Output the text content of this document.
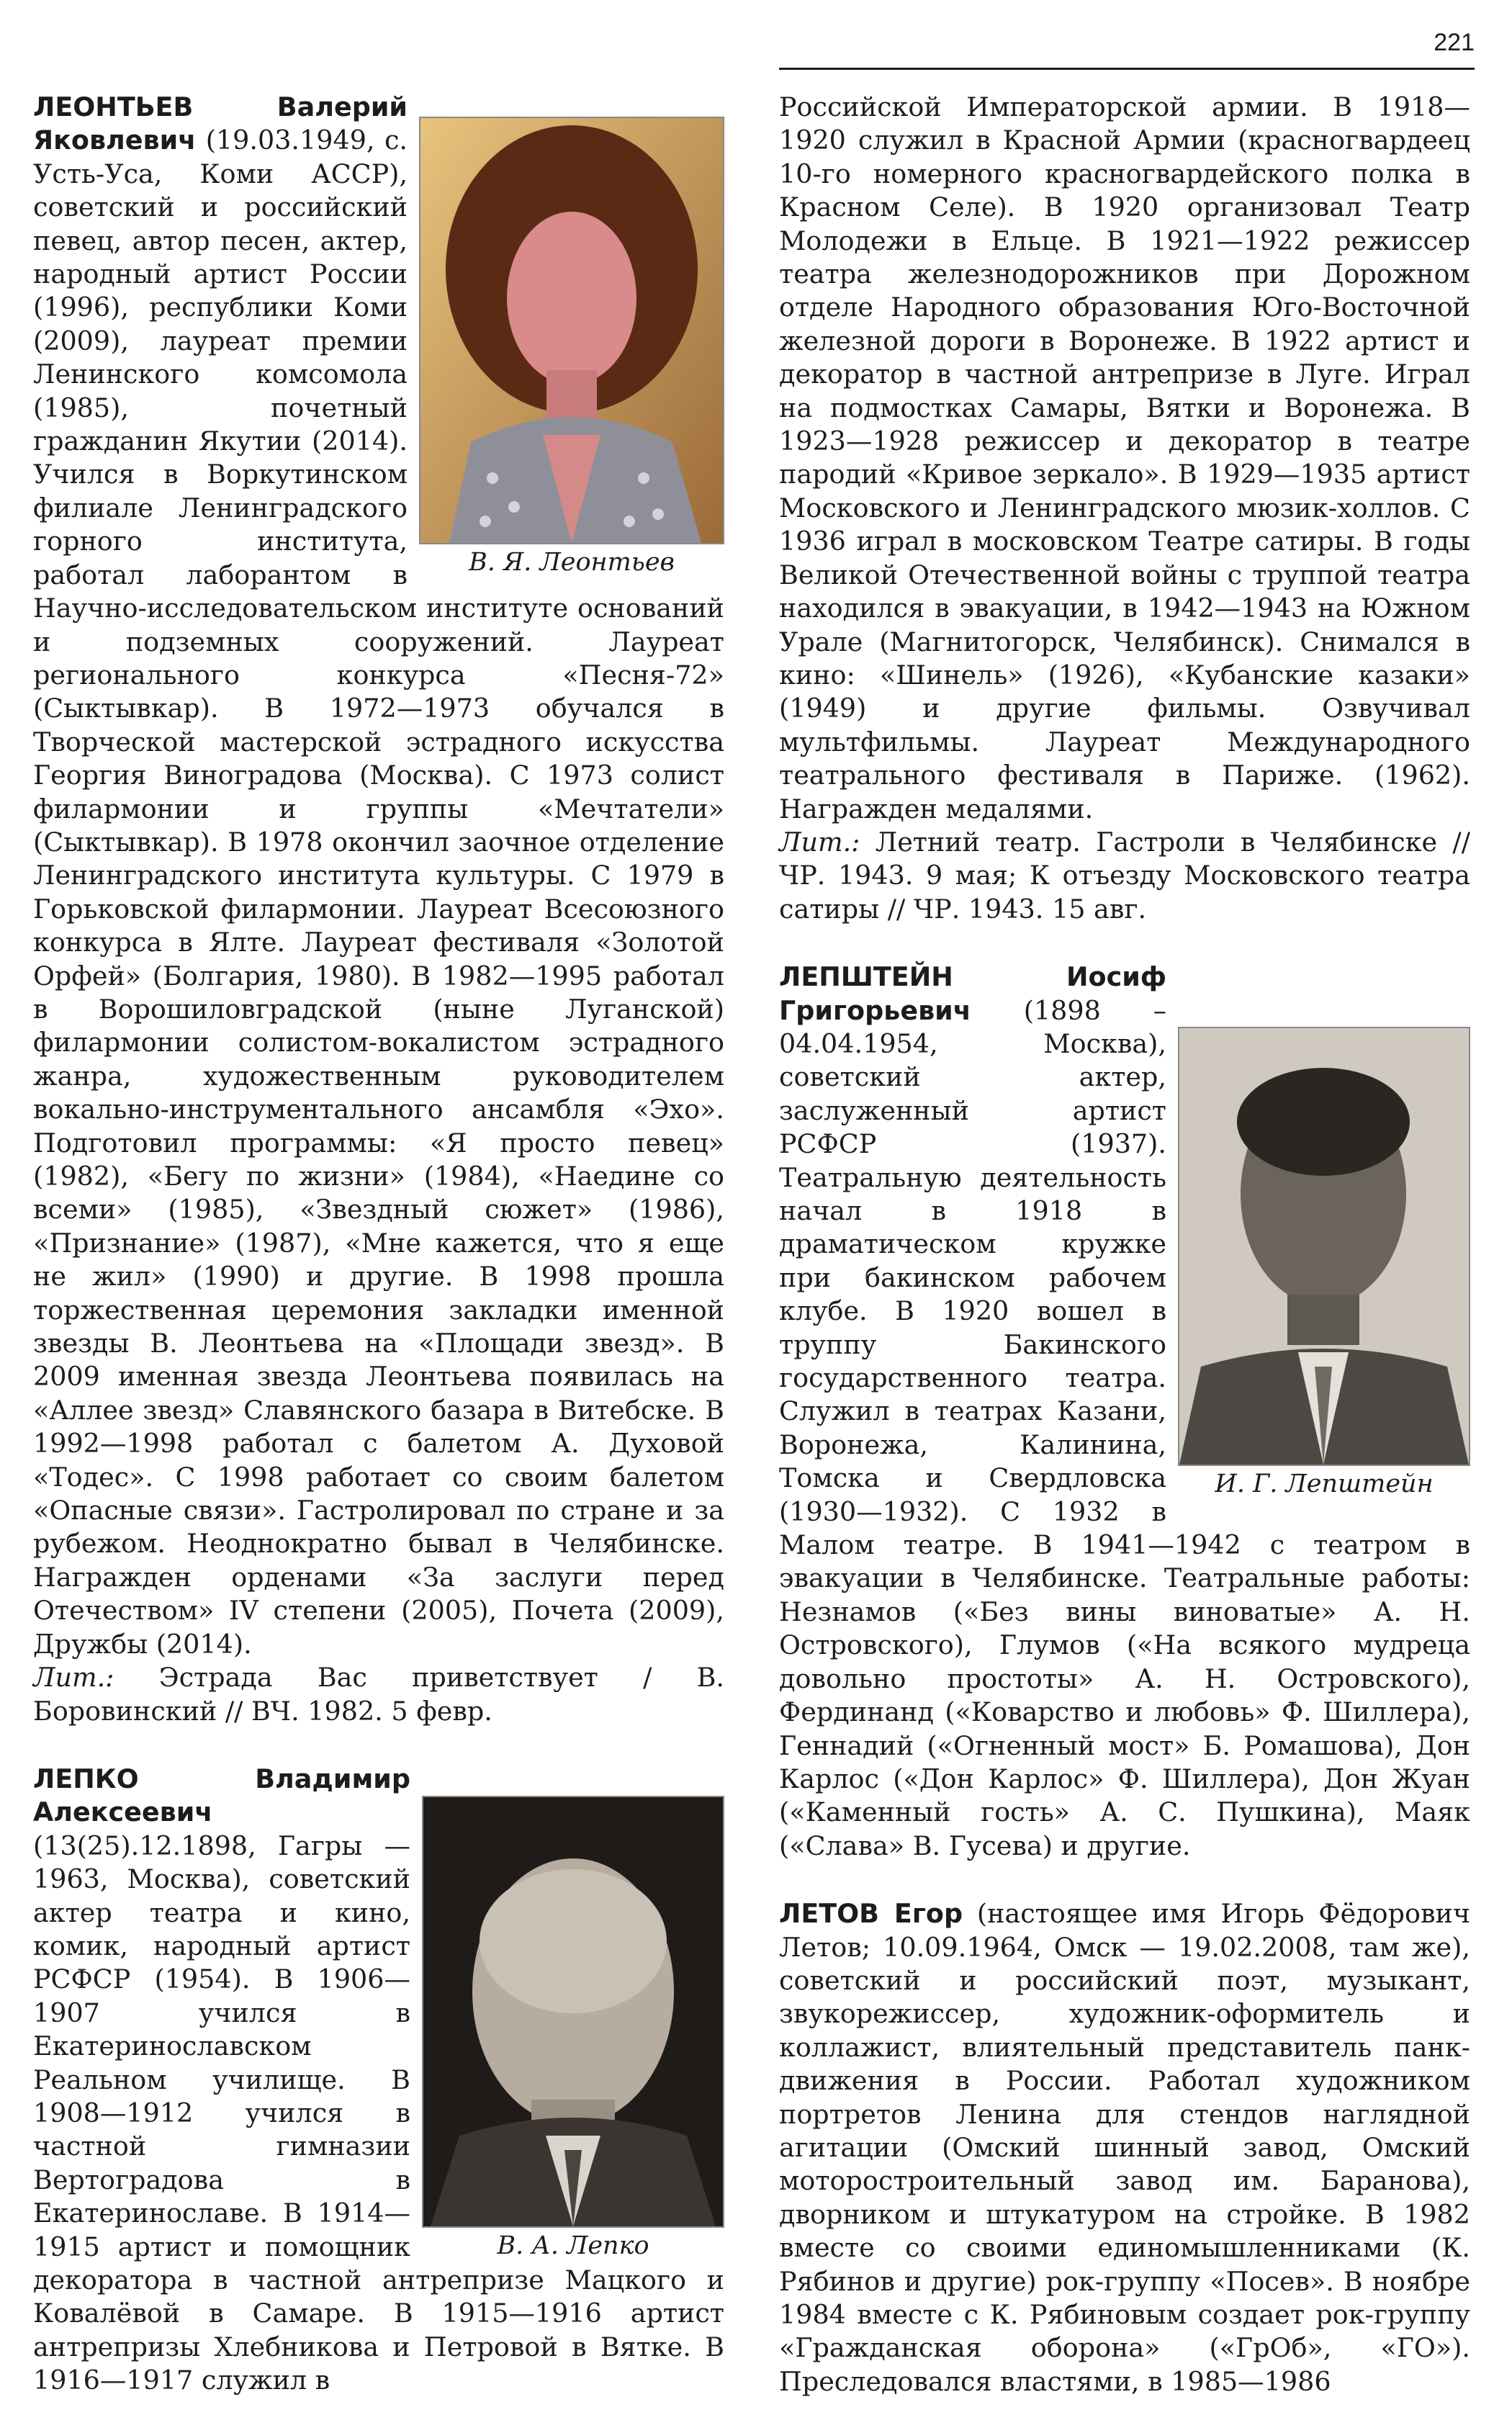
221
В. Я. Леонтьев

ЛЕОНТЬЕВ Валерий Яковлевич (19.03.1949, с. Усть-Уса, Коми АССР), советский и российский певец, автор песен, актер, народный артист России (1996), республики Коми (2009), лауреат премии Ленинского комсомола (1985), почетный гражданин Якутии (2014). Учился в Воркутинском филиале Ленинградского горного института, работал лаборантом в Научно-исследовательском институте оснований и подземных сооружений. Лауреат регионального конкурса «Песня-72» (Сыктывкар). В 1972—1973 обучался в Творческой мастерской эстрадного искусства Георгия Виноградова (Москва). С 1973 солист филармонии и группы «Мечтатели» (Сыктывкар). В 1978 окончил заочное отделение Ленинградского института культуры. С 1979 в Горьковской филармонии. Лауреат Всесоюзного конкурса в Ялте. Лауреат фестиваля «Золотой Орфей» (Болгария, 1980). В 1982—1995 работал в Ворошиловградской (ныне Луганской) филармонии солистом-вокалистом эстрадного жанра, художественным руководителем вокально-инструментального ансамбля «Эхо». Подготовил программы: «Я просто певец» (1982), «Бегу по жизни» (1984), «Наедине со всеми» (1985), «Звездный сюжет» (1986), «Признание» (1987), «Мне кажется, что я еще не жил» (1990) и другие. В 1998 прошла торжественная церемония закладки именной звезды В. Леонтьева на «Площади звезд». В 2009 именная звезда Леонтьева появилась на «Аллее звезд» Славянского базара в Витебске. В 1992—1998 работал с балетом А. Духовой «Тодес». С 1998 работает со своим балетом «Опасные связи». Гастролировал по стране и за рубежом. Неоднократно бывал в Челябинске. Награжден орденами «За заслуги перед Отечеством» IV степени (2005), Почета (2009), Дружбы (2014).

Лит.: Эстрада Вас приветствует / В. Боровинский // ВЧ. 1982. 5 февр.

В. А. Лепко

ЛЕПКО Владимир Алексеевич (13(25).12.1898, Гагры — 1963, Москва), советский актер театра и кино, комик, народный артист РСФСР (1954). В 1906—1907 учился в Екатеринославском Реальном училище. В 1908—1912 учился в частной гимназии Вертоградова в Екатеринославе. В 1914—1915 артист и помощник декоратора в частной антрепризе Мацкого и Ковалёвой в Самаре. В 1915—1916 артист антрепризы Хлебникова и Петровой в Вятке. В 1916—1917 служил в

Российской Императорской армии. В 1918—1920 служил в Красной Армии (красногвардеец 10-го номерного красногвардейского полка в Красном Селе). В 1920 организовал Театр Молодежи в Ельце. В 1921—1922 режиссер театра железнодорожников при Дорожном отделе Народного образования Юго-Восточной железной дороги в Воронеже. В 1922 артист и декоратор в частной антрепризе в Луге. Играл на подмостках Самары, Вятки и Воронежа. В 1923—1928 режиссер и декоратор в театре пародий «Кривое зеркало». В 1929—1935 артист Московского и Ленинградского мюзик-холлов. С 1936 играл в московском Театре сатиры. В годы Великой Отечественной войны с труппой театра находился в эвакуации, в 1942—1943 на Южном Урале (Магнитогорск, Челябинск). Снимался в кино: «Шинель» (1926), «Кубанские казаки» (1949) и другие фильмы. Озвучивал мультфильмы. Лауреат Международного театрального фестиваля в Париже. (1962). Награжден медалями.

Лит.: Летний театр. Гастроли в Челябинске // ЧР. 1943. 9 мая; К отъезду Московского театра сатиры // ЧР. 1943. 15 авг.

И. Г. Лепштейн

ЛЕПШТЕЙН Иосиф Григорьевич (1898 – 04.04.1954, Москва), советский актер, заслуженный артист РСФСР (1937). Театральную деятельность начал в 1918 в драматическом кружке при бакинском рабочем клубе. В 1920 вошел в труппу Бакинского государственного театра. Служил в театрах Казани, Воронежа, Калинина, Томска и Свердловска (1930—1932). С 1932 в Малом театре. В 1941—1942 с театром в эвакуации в Челябинске. Театральные работы: Незнамов («Без вины виноватые» А. Н. Островского), Глумов («На всякого мудреца довольно простоты» А. Н. Островского), Фердинанд («Коварство и любовь» Ф. Шиллера), Геннадий («Огненный мост» Б. Ромашова), Дон Карлос («Дон Карлос» Ф. Шиллера), Дон Жуан («Каменный гость» А. С. Пушкина), Маяк («Слава» В. Гусева) и другие.

ЛЕТОВ Егор (настоящее имя Игорь Фёдорович Летов; 10.09.1964, Омск — 19.02.2008, там же), советский и российский поэт, музыкант, звукорежиссер, художник-оформитель и коллажист, влиятельный представитель панк-движения в России. Работал художником портретов Ленина для стендов наглядной агитации (Омский шинный завод, Омский моторостроительный завод им. Баранова), дворником и штукатуром на стройке. В 1982 вместе со своими единомышленниками (К. Рябинов и другие) рок-группу «Посев». В ноябре 1984 вместе с К. Рябиновым создает рок-группу «Гражданская оборона» («ГрОб», «ГО»). Преследовался властями, в 1985—1986
